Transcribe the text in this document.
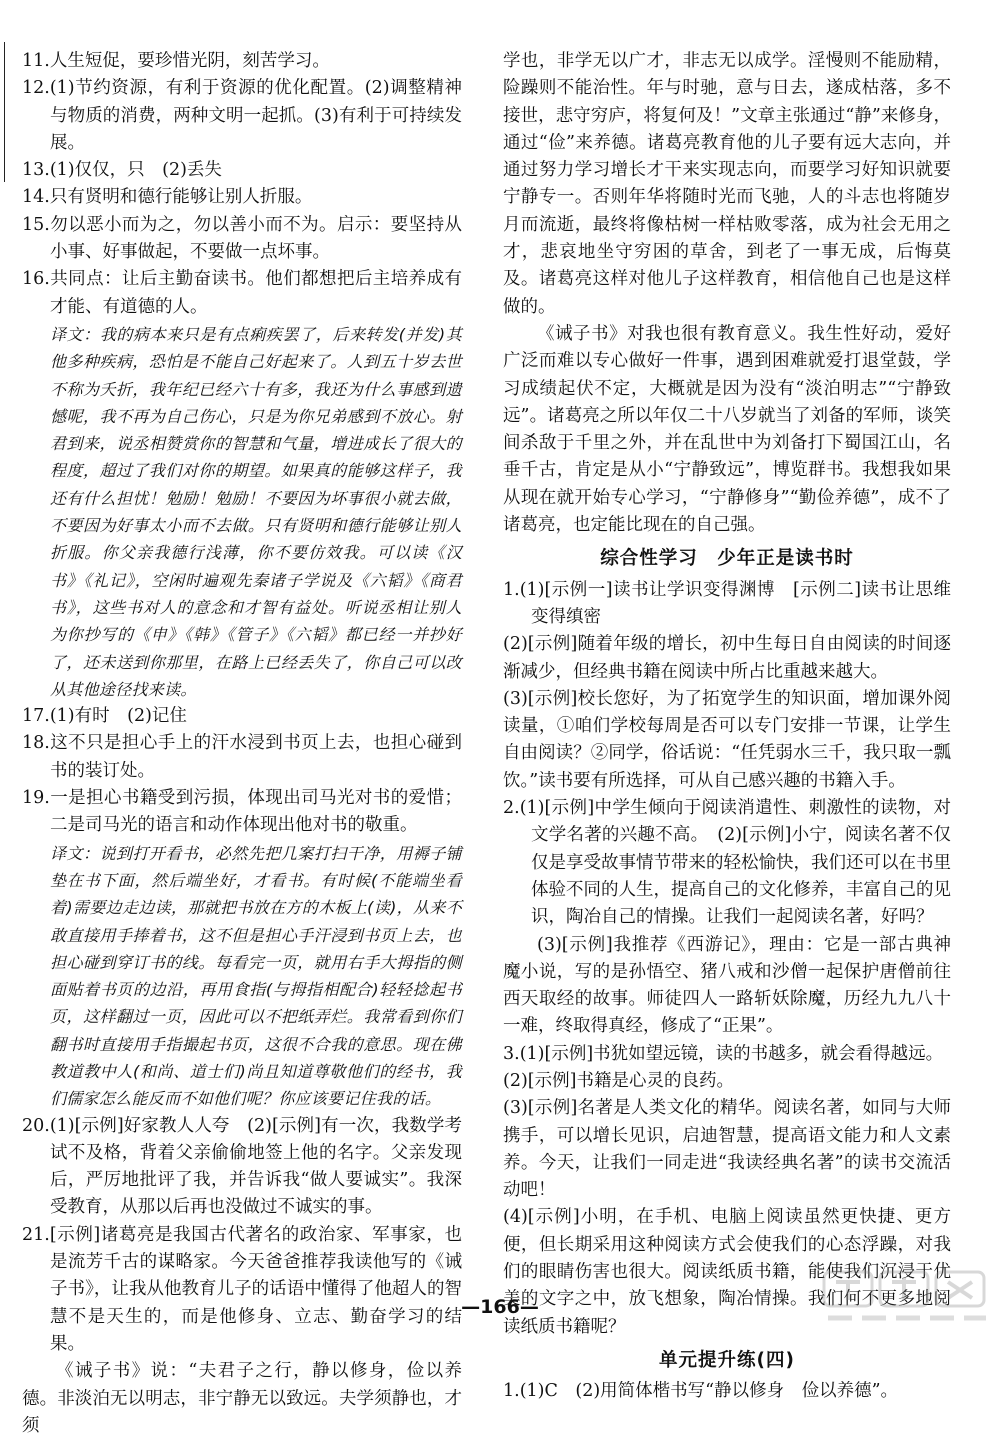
11.人生短促，要珍惜光阴，刻苦学习。

12.(1)节约资源，有利于资源的优化配置。(2)调整精神与物质的消费，两种文明一起抓。(3)有利于可持续发展。

13.(1)仅仅，只　(2)丢失

14.只有贤明和德行能够让别人折服。

15.勿以恶小而为之，勿以善小而不为。启示：要坚持从小事、好事做起，不要做一点坏事。

16.共同点：让后主勤奋读书。他们都想把后主培养成有才能、有道德的人。

译文：我的病本来只是有点痢疾罢了，后来转发(并发)其他多种疾病，恐怕是不能自己好起来了。人到五十岁去世不称为夭折，我年纪已经六十有多，我还为什么事感到遗憾呢，我不再为自己伤心，只是为你兄弟感到不放心。射君到来，说丞相赞赏你的智慧和气量，增进成长了很大的程度，超过了我们对你的期望。如果真的能够这样子，我还有什么担忧！勉励！勉励！不要因为坏事很小就去做，不要因为好事太小而不去做。只有贤明和德行能够让别人折服。你父亲我德行浅薄，你不要仿效我。可以读《汉书》《礼记》，空闲时遍观先秦诸子学说及《六韬》《商君书》，这些书对人的意念和才智有益处。听说丞相让别人为你抄写的《申》《韩》《管子》《六韬》都已经一并抄好了，还未送到你那里，在路上已经丢失了，你自己可以改从其他途径找来读。

17.(1)有时　(2)记住

18.这不只是担心手上的汗水浸到书页上去，也担心碰到书的装订处。

19.一是担心书籍受到污损，体现出司马光对书的爱惜；二是司马光的语言和动作体现出他对书的敬重。

译文：说到打开看书，必然先把几案打扫干净，用褥子铺垫在书下面，然后端坐好，才看书。有时候(不能端坐看着)需要边走边读，那就把书放在方的木板上(读)，从来不敢直接用手捧着书，这不但是担心手汗浸到书页上去，也担心碰到穿订书的线。每看完一页，就用右手大拇指的侧面贴着书页的边沿，再用食指(与拇指相配合)轻轻捻起书页，这样翻过一页，因此可以不把纸弄烂。我常看到你们翻书时直接用手指撮起书页，这很不合我的意思。现在佛教道教中人(和尚、道士们)尚且知道尊敬他们的经书，我们儒家怎么能反而不如他们呢？你应该要记住我的话。

20.(1)[示例]好家教人人夸　(2)[示例]有一次，我数学考试不及格，背着父亲偷偷地签上他的名字。父亲发现后，严厉地批评了我，并告诉我“做人要诚实”。我深受教育，从那以后再也没做过不诚实的事。

21.[示例]诸葛亮是我国古代著名的政治家、军事家，也是流芳千古的谋略家。今天爸爸推荐我读他写的《诫子书》，让我从他教育儿子的话语中懂得了他超人的智慧不是天生的，而是他修身、立志、勤奋学习的结果。

《诫子书》说：“夫君子之行，静以修身，俭以养德。非淡泊无以明志，非宁静无以致远。夫学须静也，才须

学也，非学无以广才，非志无以成学。淫慢则不能励精，险躁则不能治性。年与时驰，意与日去，遂成枯落，多不接世，悲守穷庐，将复何及！”文章主张通过“静”来修身，通过“俭”来养德。诸葛亮教育他的儿子要有远大志向，并通过努力学习增长才干来实现志向，而要学习好知识就要宁静专一。否则年华将随时光而飞驰，人的斗志也将随岁月而流逝，最终将像枯树一样枯败零落，成为社会无用之才，悲哀地坐守穷困的草舍，到老了一事无成，后悔莫及。诸葛亮这样对他儿子这样教育，相信他自己也是这样做的。

《诫子书》对我也很有教育意义。我生性好动，爱好广泛而难以专心做好一件事，遇到困难就爱打退堂鼓，学习成绩起伏不定，大概就是因为没有“淡泊明志”“宁静致远”。诸葛亮之所以年仅二十八岁就当了刘备的军师，谈笑间杀敌于千里之外，并在乱世中为刘备打下蜀国江山，名垂千古，肯定是从小“宁静致远”，博览群书。我想我如果从现在就开始专心学习，“宁静修身”“勤俭养德”，成不了诸葛亮，也定能比现在的自己强。

综合性学习　少年正是读书时

1.(1)[示例一]读书让学识变得渊博　[示例二]读书让思维变得缜密

(2)[示例]随着年级的增长，初中生每日自由阅读的时间逐渐减少，但经典书籍在阅读中所占比重越来越大。

(3)[示例]校长您好，为了拓宽学生的知识面，增加课外阅读量，①咱们学校每周是否可以专门安排一节课，让学生自由阅读？②同学，俗话说：“任凭弱水三千，我只取一瓢饮。”读书要有所选择，可从自己感兴趣的书籍入手。

2.(1)[示例]中学生倾向于阅读消遣性、刺激性的读物，对文学名著的兴趣不高。　(2)[示例]小宁，阅读名著不仅仅是享受故事情节带来的轻松愉快，我们还可以在书里体验不同的人生，提高自己的文化修养，丰富自己的见识，陶冶自己的情操。让我们一起阅读名著，好吗？

(3)[示例]我推荐《西游记》，理由：它是一部古典神魔小说，写的是孙悟空、猪八戒和沙僧一起保护唐僧前往西天取经的故事。师徒四人一路斩妖除魔，历经九九八十一难，终取得真经，修成了“正果”。

3.(1)[示例]书犹如望远镜，读的书越多，就会看得越远。

(2)[示例]书籍是心灵的良药。

(3)[示例]名著是人类文化的精华。阅读名著，如同与大师携手，可以增长见识，启迪智慧，提高语文能力和人文素养。今天，让我们一同走进“我读经典名著”的读书交流活动吧！

(4)[示例]小明，在手机、电脑上阅读虽然更快捷、更方便，但长期采用这种阅读方式会使我们的心态浮躁，对我们的眼睛伤害也很大。阅读纸质书籍，能使我们沉浸于优美的文字之中，放飞想象，陶冶情操。我们何不更多地阅读纸质书籍呢？

单元提升练(四)

1.(1)C　(2)用简体楷书写“静以修身　俭以养德”。

—166—
